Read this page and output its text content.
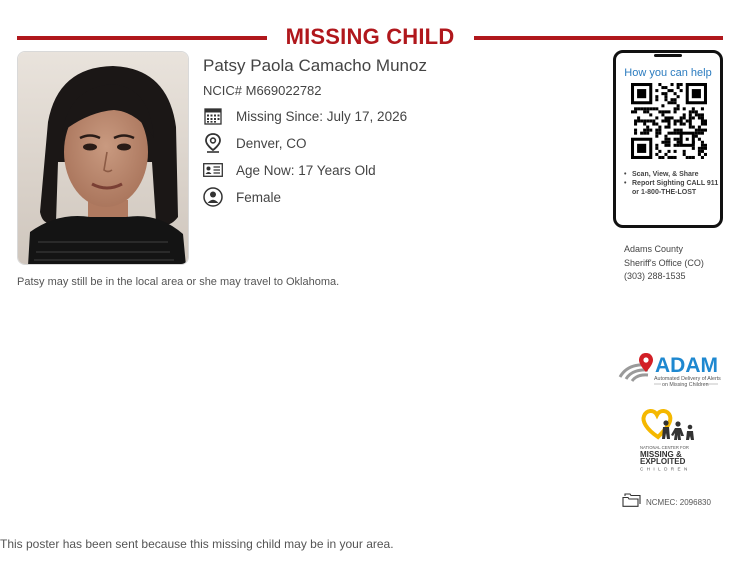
MISSING CHILD
Patsy Paola Camacho Munoz
NCIC# M669022782
Missing Since: July 17, 2026
Denver, CO
Age Now: 17 Years Old
Female
Patsy may still be in the local area or she may travel to Oklahoma.
How you can help
• Scan, View, & Share
• Report Sighting CALL 911 or 1-800-THE-LOST
Adams County
Sheriff's Office (CO)
(303) 288-1535
ADAM
Automated Delivery of Alerts
on Missing Children
NATIONAL CENTER FOR
MISSING &
EXPLOITED
CHILDREN
NCMEC: 2096830
This poster has been sent because this missing child may be in your area.
